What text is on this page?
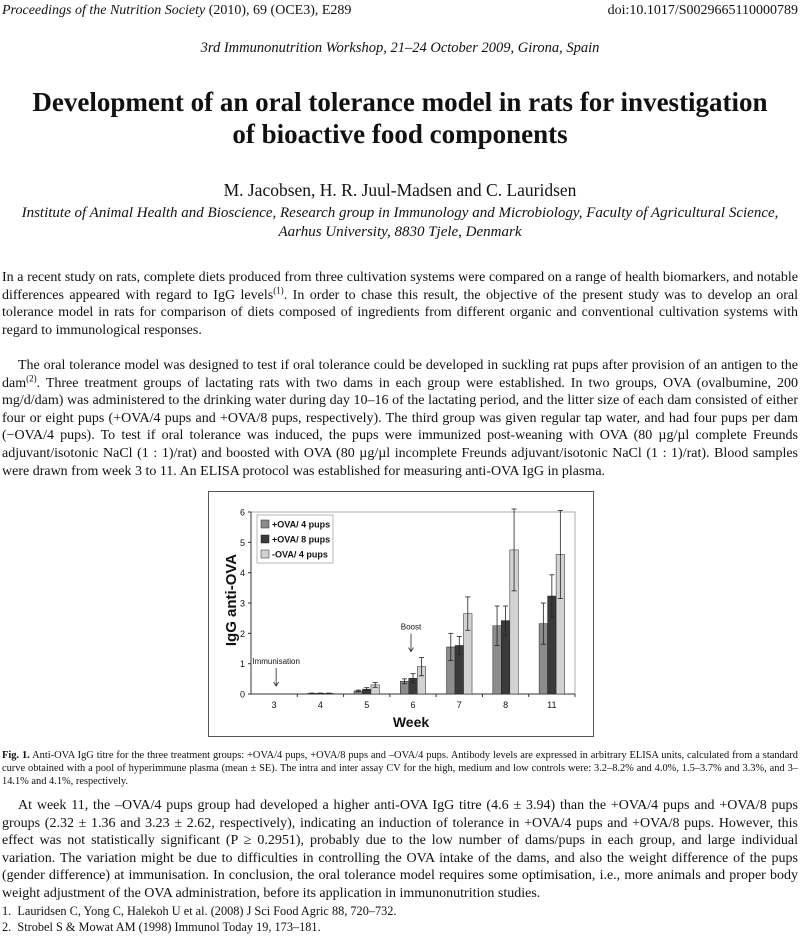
Proceedings of the Nutrition Society (2010), 69 (OCE3), E289	doi:10.1017/S0029665110000789
3rd Immunonutrition Workshop, 21–24 October 2009, Girona, Spain
Development of an oral tolerance model in rats for investigation of bioactive food components
M. Jacobsen, H. R. Juul-Madsen and C. Lauridsen
Institute of Animal Health and Bioscience, Research group in Immunology and Microbiology, Faculty of Agricultural Science, Aarhus University, 8830 Tjele, Denmark

In a recent study on rats, complete diets produced from three cultivation systems were compared on a range of health biomarkers, and notable differences appeared with regard to IgG levels$^{(1)}$. In order to chase this result, the objective of the present study was to develop an oral tolerance model in rats for comparison of diets composed of ingredients from different organic and conventional cultivation systems with regard to immunological responses.

The oral tolerance model was designed to test if oral tolerance could be developed in suckling rat pups after provision of an antigen to the dam$^{(2)}$. Three treatment groups of lactating rats with two dams in each group were established. In two groups, OVA (ovalbumine, 200 mg/d/dam) was administered to the drinking water during day 10–16 of the lactating period, and the litter size of each dam consisted of either four or eight pups (+OVA/4 pups and +OVA/8 pups, respectively). The third group was given regular tap water, and had four pups per dam (−OVA/4 pups). To test if oral tolerance was induced, the pups were immunized post-weaning with OVA (80 µg/µl complete Freunds adjuvant/isotonic NaCl (1 : 1)/rat) and boosted with OVA (80 µg/µl incomplete Freunds adjuvant/isotonic NaCl (1 : 1)/rat). Blood samples were drawn from week 3 to 11. An ELISA protocol was established for measuring anti-OVA IgG in plasma.

0
1
2
3
4
5
6
3	4	5	6	7	8	11
+OVA/ 4 pups
+OVA/ 8 pups
-OVA/ 4 pups
Immunisation
Boost
IgG anti-OVA
Week
Fig. 1. Anti-OVA IgG titre for the three treatment groups: +OVA/4 pups, +OVA/8 pups and –OVA/4 pups. Antibody levels are expressed in arbitrary ELISA units, calculated from a standard curve obtained with a pool of hyperimmune plasma (mean ± SE). The intra and inter assay CV for the high, medium and low controls were: 3.2–8.2% and 4.0%, 1.5–3.7% and 3.3%, and 3–14.1% and 4.1%, respectively.

At week 11, the –OVA/4 pups group had developed a higher anti-OVA IgG titre (4.6 ± 3.94) than the +OVA/4 pups and +OVA/8 pups groups (2.32 ± 1.36 and 3.23 ± 2.62, respectively), indicating an induction of tolerance in +OVA/4 pups and +OVA/8 pups. However, this effect was not statistically significant (P ≥ 0.2951), probably due to the low number of dams/pups in each group, and large individual variation. The variation might be due to difficulties in controlling the OVA intake of the dams, and also the weight difference of the pups (gender difference) at immunisation. In conclusion, the oral tolerance model requires some optimisation, i.e., more animals and proper body weight adjustment of the OVA administration, before its application in immunonutrition studies.

1. Lauridsen C, Yong C, Halekoh U et al. (2008) J Sci Food Agric 88, 720–732.
2. Strobel S & Mowat AM (1998) Immunol Today 19, 173–181.
